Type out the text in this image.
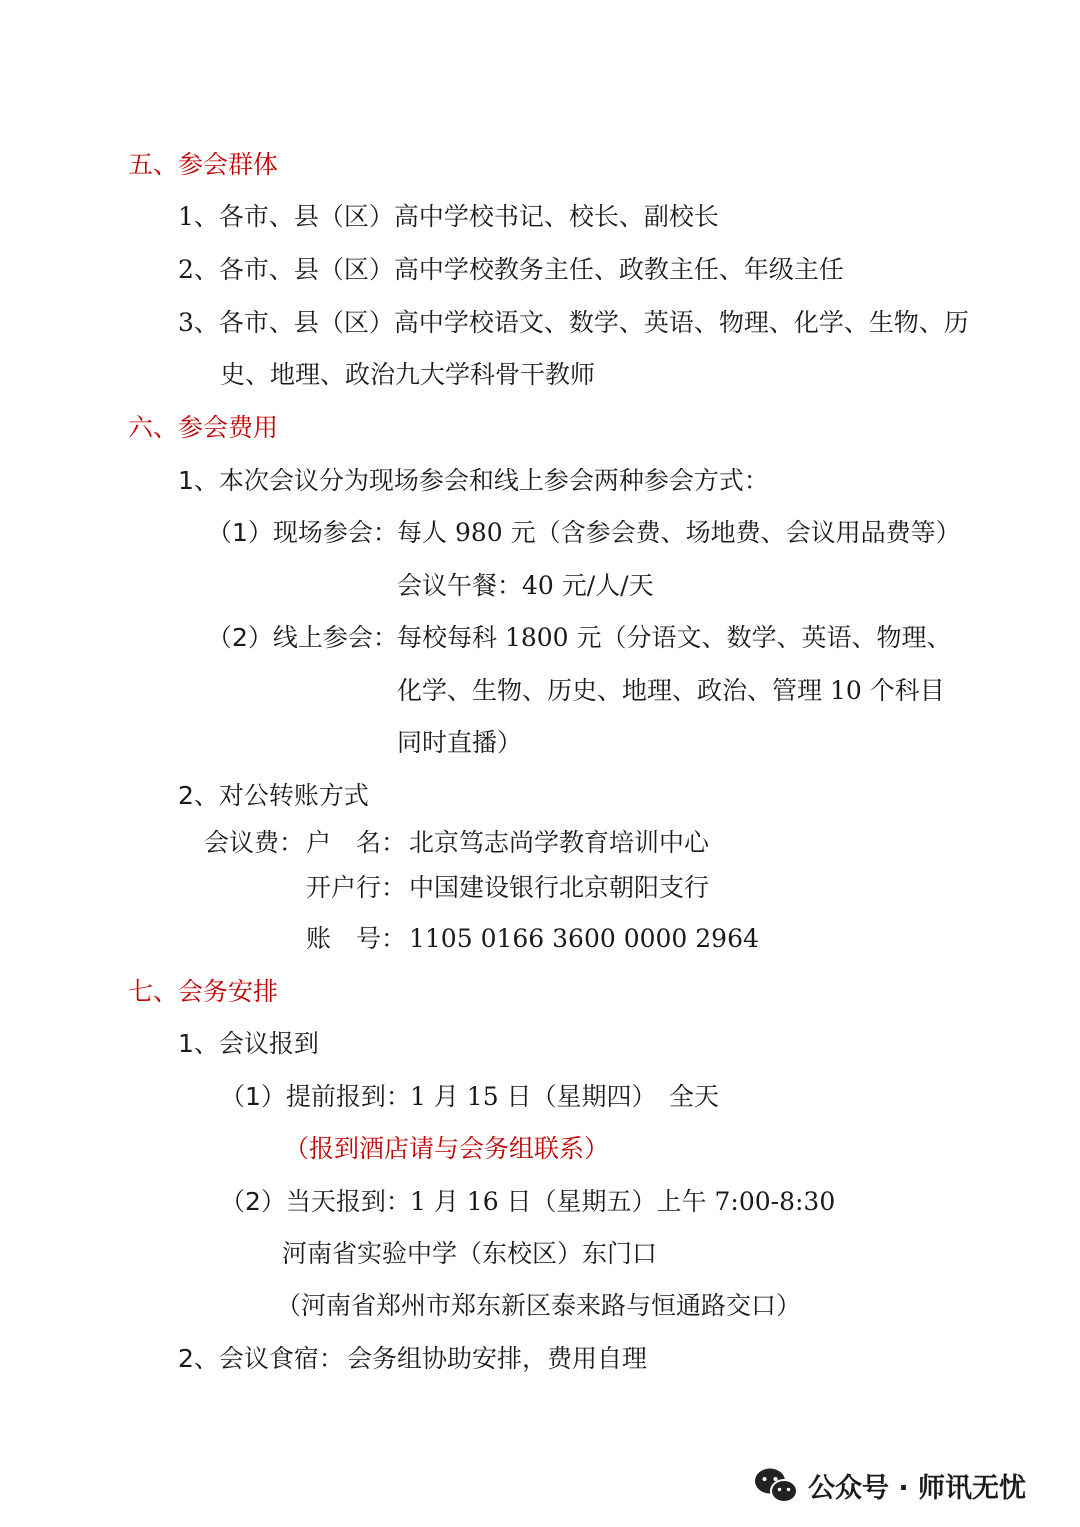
五、参会群体
1、各市、县（区）高中学校书记、校长、副校长
2、各市、县（区）高中学校教务主任、政教主任、年级主任
3、各市、县（区）高中学校语文、数学、英语、物理、化学、生物、历
史、地理、政治九大学科骨干教师
六、参会费用
1、本次会议分为现场参会和线上参会两种参会方式：
（1）现场参会： 每人 980 元（含参会费、场地费、会议用品费等）
会议午餐：40 元/人/天
（2）线上参会： 每校每科 1800 元（分语文、数学、英语、物理、
化学、生物、历史、地理、政治、管理 10 个科目
同时直播）
2、对公转账方式
会议费： 户　名： 北京笃志尚学教育培训中心
开户行： 中国建设银行北京朝阳支行
账　号： 1105 0166 3600 0000 2964
七、会务安排
1、会议报到
（1）提前报到： 1 月 15 日（星期四）　全天
（报到酒店请与会务组联系）
（2）当天报到： 1 月 16 日（星期五）上午 7:00-8:30
河南省实验中学（东校区）东门口
（河南省郑州市郑东新区泰来路与恒通路交口）
2、会议食宿： 会务组协助安排，费用自理
公众号 · 师讯无忧
